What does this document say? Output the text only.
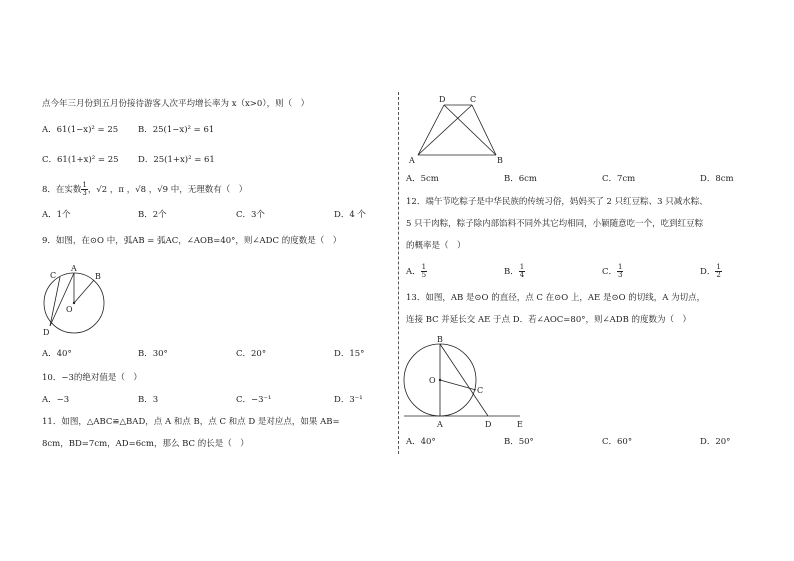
点今年三月份到五月份接待游客人次平均增长率为 x（x>0），则（　）
A．61(1−x)² = 25 B．25(1−x)² = 61
C．61(1+x)² = 25 D．25(1+x)² = 61
8．在实数 $\frac{1}{3}$ ，√2 ，π ，√8 ，√9 中，无理数有（　）
A．1个	B．2个	C．3个	D．4 个
9．如图，在⊙O 中，弧AB = 弧AC，∠AOB=40°，则∠ADC 的度数是（　）
A
B
C
D
O
A．40°	B．30°	C．20°	D．15°
10．−3的绝对值是（　）
A．−3	B．3	C．−3⁻¹	D．3⁻¹
11．如图，△ABC≌△BAD，点 A 和点 B，点 C 和点 D 是对应点，如果 AB=
8cm，BD=7cm，AD=6cm，那么 BC 的长是（　）
A	B
C
D
A．5cm	B．6cm	C．7cm	D．8cm
12．端午节吃粽子是中华民族的传统习俗，妈妈买了 2 只红豆粽、3 只减水粽、
5 只干肉粽，粽子除内部馅料不同外其它均相同，小颖随意吃一个，吃到红豆粽
的概率是（　）
A． $\frac{1}{5}$	B． $\frac{1}{4}$	C． $\frac{1}{3}$	D． $\frac{1}{2}$
13．如图，AB 是⊙O 的直径，点 C 在⊙O 上，AE 是⊙O 的切线，A 为切点，
连接 BC 并延长交 AE 于点 D．若∠AOC=80°，则∠ADB 的度数为（　）
B
O
C
A	D	E
A．40°	B．50°	C．60°	D．20°
